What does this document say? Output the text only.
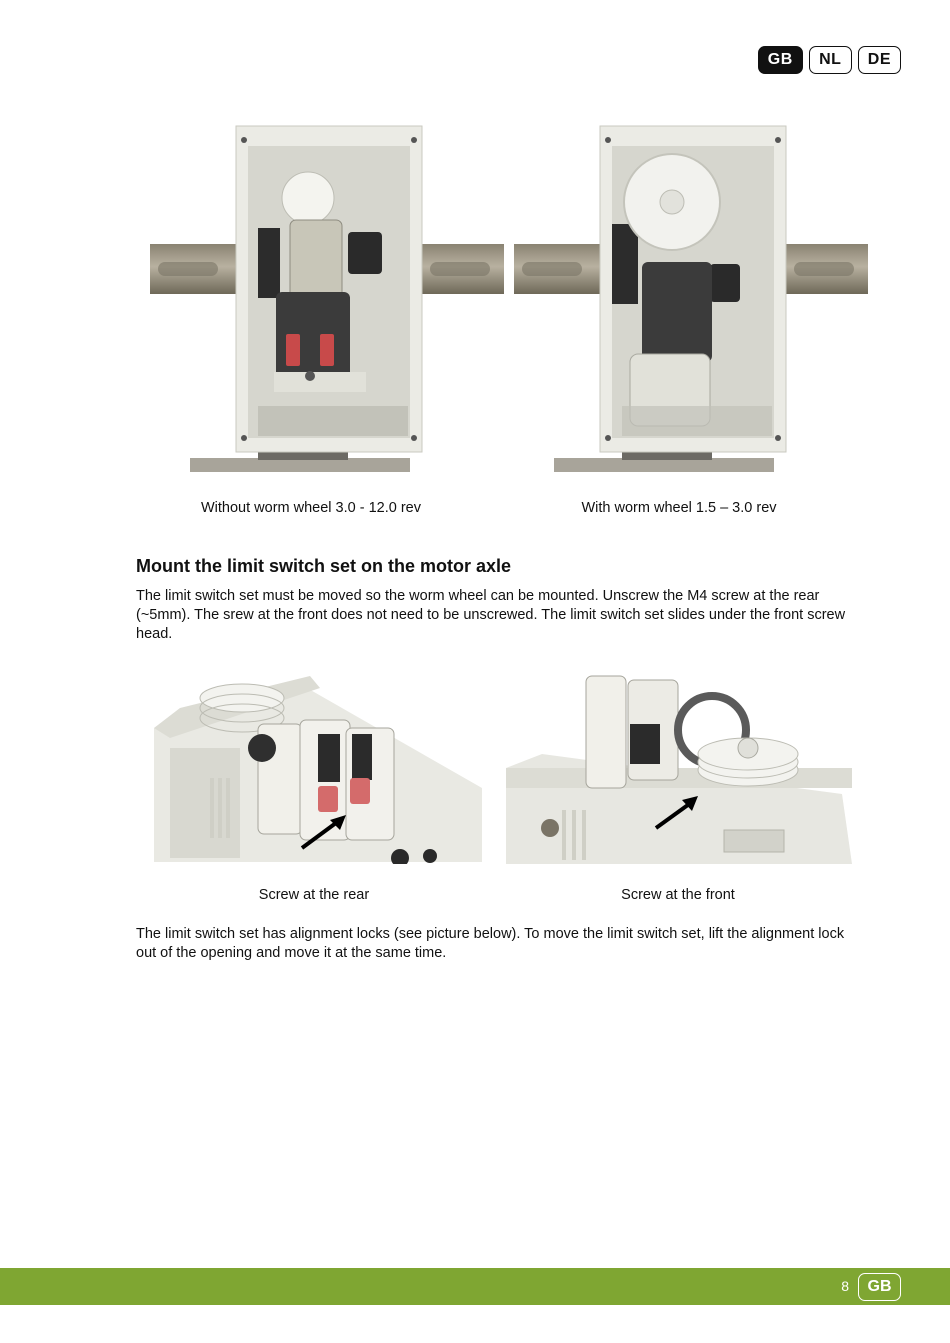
GB	NL	DE
Without worm wheel 3.0 - 12.0 rev	With worm wheel 1.5 – 3.0 rev
Mount the limit switch set on the motor axle

The limit switch set must be moved so the worm wheel can be mounted. Unscrew the M4 screw at the rear (~5mm). The srew at the front does not need to be unscrewed. The limit switch set slides under the front screw head.

Screw at the rear	Screw at the front

The limit switch set has alignment locks (see picture below). To move the limit switch set, lift the alignment lock out of the opening and move it at the same time.

8	GB
